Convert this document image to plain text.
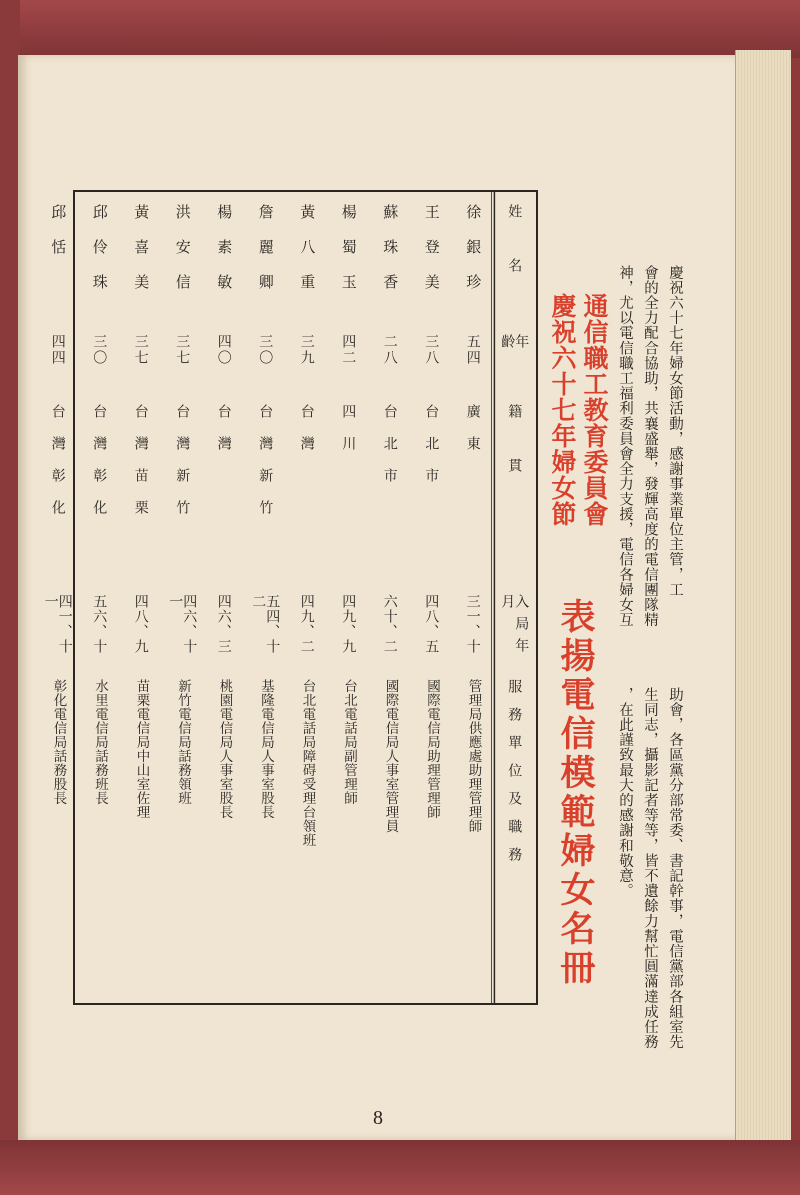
姓名
年齡
籍貫
入局年月
服務單位及職務
徐銀珍
五四
廣東
三一、十
管理局供應處助理管理師
王登美
三八
台北市
四八、五
國際電信局助理管理師
蘇珠香
二八
台北市
六十、二
國際電信局人事室管理員
楊蜀玉
四二
四川
四九、九
台北電話局副管理師
黃八重
三九
台灣
四九、二
台北電話局障碍受理台領班
詹麗卿
三〇
台灣新竹
五四、十二
基隆電信局人事室股長
楊素敏
四〇
台灣
四六、三
桃園電信局人事室股長
洪安信
三七
台灣新竹
四六、十一
新竹電信局話務領班
黃喜美
三七
台灣苗栗
四八、九
苗栗電信局中山室佐理
邱伶珠
三〇
台灣彰化
五六、十
水里電信局話務班長
邱恬
四四
台灣彰化
四一、十一
彰化電信局話務股長
通信職工教育委員會
慶祝六十七年婦女節
表揚電信模範婦女名冊
慶祝六十七年婦女節活動，感謝事業單位主管，工
會的全力配合協助，共襄盛舉，發輝高度的電信團隊精
神，尤以電信職工福利委員會全力支援，電信各婦女互
助會，各區黨分部常委、書記幹事，電信黨部各組室先
生同志，攝影記者等等，皆不遺餘力幫忙圓滿達成任務
，在此謹致最大的感謝和敬意。
8
